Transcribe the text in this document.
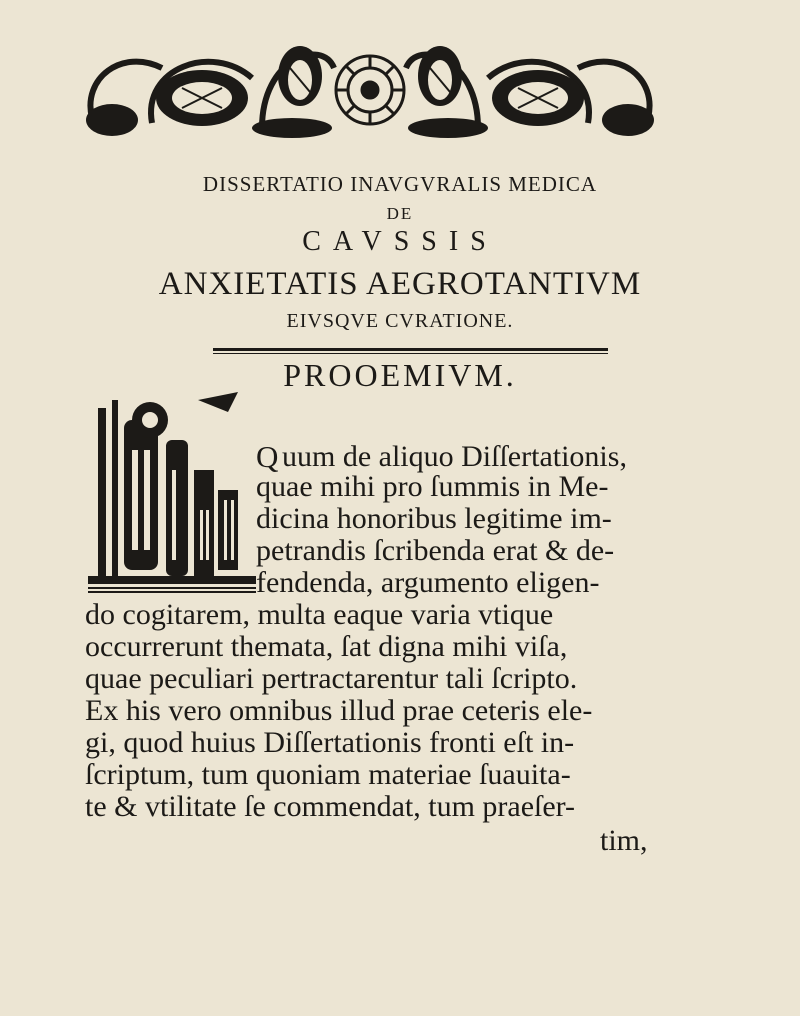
DISSERTATIO INAVGVRALIS MEDICA
DE
CAVSSIS
ANXIETATIS AEGROTANTIVM
EIVSQVE CVRATIONE.
PROOEMIVM.
Q uum de aliquo Diſſertationis,
quae mihi pro ſummis in Me-
dicina honoribus legitime im-
petrandis ſcribenda erat & de-
fendenda, argumento eligen-
do cogitarem, multa eaque varia vtique
occurrerunt themata, ſat digna mihi viſa,
quae peculiari pertractarentur tali ſcripto.
Ex his vero omnibus illud prae ceteris ele-
gi, quod huius Diſſertationis fronti eſt in-
ſcriptum, tum quoniam materiae ſuauita-
te & vtilitate ſe commendat, tum praeſer-
tim,
